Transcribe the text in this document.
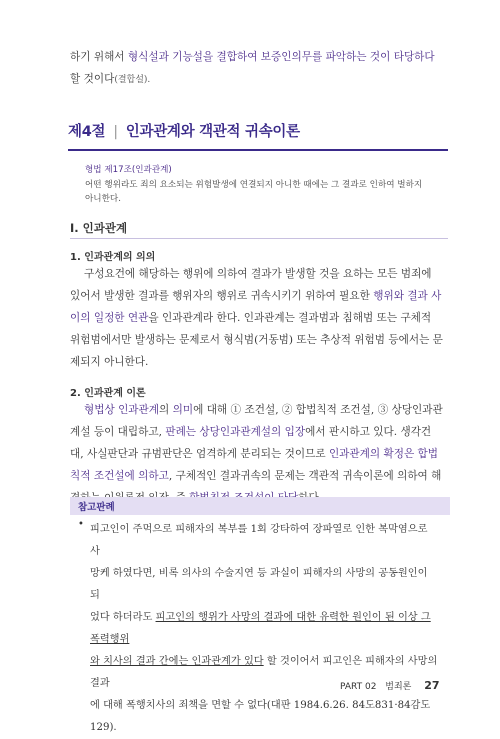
하기 위해서 형식설과 기능설을 결합하여 보증인의무를 파악하는 것이 타당하다
할 것이다(결합설).
제4절 | 인과관계와 객관적 귀속이론
형법 제17조(인과관계)
어떤 행위라도 죄의 요소되는 위험발생에 연결되지 아니한 때에는 그 결과로 인하여 벌하지
아니한다.
Ⅰ. 인과관계
1. 인과관계의 의의
구성요건에 해당하는 행위에 의하여 결과가 발생할 것을 요하는 모든 범죄에
있어서 발생한 결과를 행위자의 행위로 귀속시키기 위하여 필요한 행위와 결과 사
이의 일정한 연관을 인과관계라 한다. 인과관계는 결과범과 침해범 또는 구체적
위험범에서만 발생하는 문제로서 형식범(거동범) 또는 추상적 위험범 등에서는 문
제되지 아니한다.
2. 인과관계 이론
형법상 인과관계의 의미에 대해 ① 조건설, ② 합법칙적 조건설, ③ 상당인과관
계설 등이 대립하고, 판례는 상당인과관계설의 입장에서 판시하고 있다. 생각건
대, 사실판단과 규범판단은 엄격하게 분리되는 것이므로 인과관계의 확정은 합법
칙적 조건설에 의하고, 구체적인 결과귀속의 문제는 객관적 귀속이론에 의하여 해
참고판례
• 피고인이 주먹으로 피해자의 복부를 1회 강타하여 장파열로 인한 복막염으로 사
망케 하였다면, 비록 의사의 수술지연 등 과실이 피해자의 사망의 공동원인이 되
었다 하더라도 피고인의 행위가 사망의 결과에 대한 유력한 원인이 된 이상 그 폭력행위
와 치사의 결과 간에는 인과관계가 있다 할 것이어서 피고인은 피해자의 사망의 결과
에 대해 폭행치사의 죄책을 면할 수 없다(대판 1984.6.26. 84도831·84감도129).
PART 02 범죄론 27
